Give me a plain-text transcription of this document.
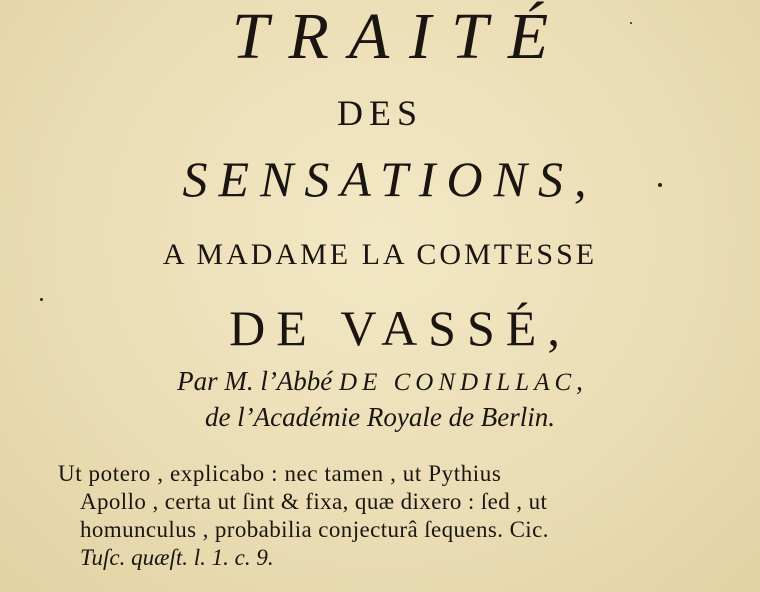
TRAITÉ
DES
SENSATIONS,
A MADAME LA COMTESSE
DE VASSÉ,
Par M. l’Abbé DE CONDILLAC,
de l’Académie Royale de Berlin.
Ut potero , explicabo : nec tamen , ut Pythius
Apollo , certa ut ſint & fixa, quæ dixero : ſed , ut
homunculus , probabilia conjecturâ ſequens. Cic.
Tuſc. quæſt. l. 1. c. 9.
